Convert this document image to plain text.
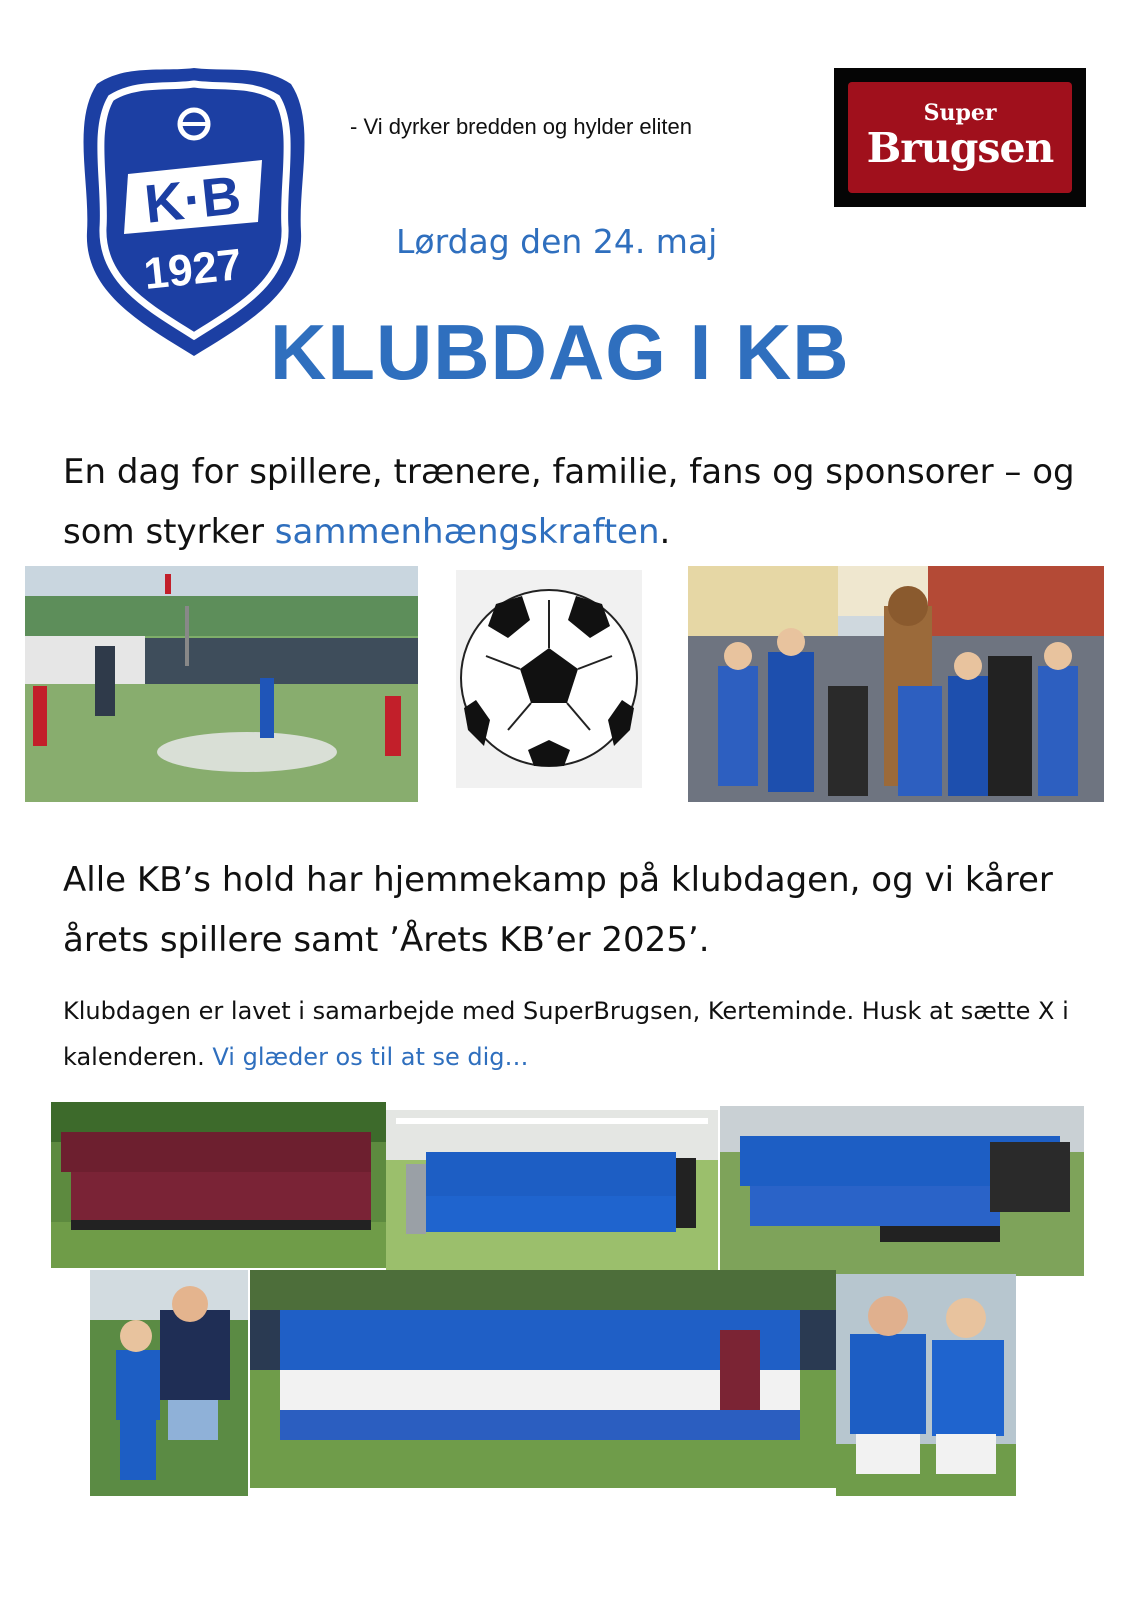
K·B
1927
- Vi dyrker bredden og hylder eliten
Super
Brugsen
Lørdag den 24. maj
KLUBDAG I KB
En dag for spillere, trænere, familie, fans og sponsorer – og som styrker sammenhængskraften.
Alle KB’s hold har hjemmekamp på klubdagen, og vi kårer årets spillere samt ’Årets KB’er 2025’.
Klubdagen er lavet i samarbejde med SuperBrugsen, Kerteminde. Husk at sætte X i kalenderen. Vi glæder os til at se dig…
